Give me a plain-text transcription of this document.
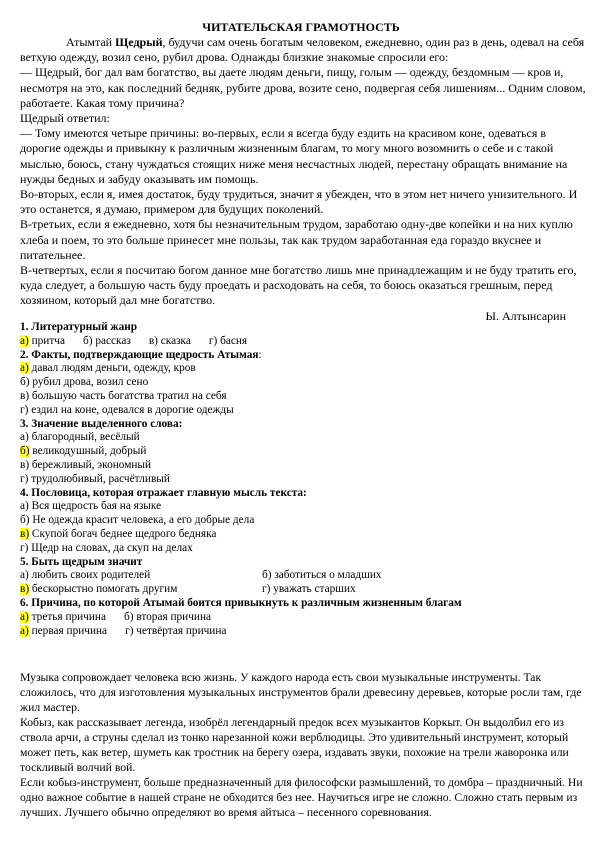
ЧИТАТЕЛЬСКАЯ ГРАМОТНОСТЬ

Атымтай Щедрый, будучи сам очень богатым человеком, ежедневно, один раз в день, одевал на себя ветхую одежду, возил сено, рубил дрова. Однажды близкие знакомые спросили его:

— Щедрый, бог дал вам богатство, вы даете людям деньги, пищу, голым — одежду, бездомным — кров и, несмотря на это, как последний бедняк, рубите дрова, возите сено, подвергая себя лишениям... Одним словом, работаете. Какая тому причина?

Щедрый ответил:

— Тому имеются четыре причины: во-первых, если я всегда буду ездить на красивом коне, одеваться в дорогие одежды и привыкну к различным жизненным благам, то могу много возомнить о себе и с такой мыслью, боюсь, стану чуждаться стоящих ниже меня несчастных людей, перестану обращать внимание на нужды бедных и забуду оказывать им помощь.

Во-вторых, если я, имея достаток, буду трудиться, значит я убежден, что в этом нет ничего унизительного. И это останется, я думаю, примером для будущих поколений.

В-третьих, если я ежедневно, хотя бы незначительным трудом, заработаю одну-две копейки и на них куплю хлеба и поем, то это больше принесет мне пользы, так как трудом заработанная еда гораздо вкуснее и питательнее.

В-четвертых, если я посчитаю богом данное мне богатство лишь мне принадлежащим и не буду тратить его, куда следует, а большую часть буду проедать и расходовать на себя, то боюсь оказаться грешным, перед хозяином, который дал мне богатство.

Ы. Алтынсарин

1. Литературный жанр

а) притча б) рассказ в) сказка г) басня

2. Факты, подтверждающие щедрость Атымая:

а) давал людям деньги, одежду, кров

б) рубил дрова, возил сено

в) большую часть богатства тратил на себя

г) ездил на коне, одевался в дорогие одежды

3. Значение выделенного слова:

а) благородный, весёлый

б) великодушный, добрый

в) бережливый, экономный

г) трудолюбивый, расчётливый

4. Пословица, которая отражает главную мысль текста:

а) Вся щедрость бая на языке

б) Не одежда красит человека, а его добрые дела

в) Скупой богач беднее щедрого бедняка

г) Щедр на словах, да скуп на делах

5. Быть щедрым значит

а) любить своих родителей	б) заботиться о младших

в) бескорыстно помогать другим	г) уважать старших

6. Причина, по которой Атымай боится привыкнуть к различным жизненным благам

а) третья причина б) вторая причина

а) первая причина г) четвёртая причина

Музыка сопровождает человека всю жизнь. У каждого народа есть свои музыкальные инструменты. Так сложилось, что для изготовления музыкальных инструментов брали древесину деревьев, которые росли там, где жил мастер.

Кобыз, как рассказывает легенда, изобрёл легендарный предок всех музыкантов Коркыт. Он выдолбил его из ствола арчи, а струны сделал из тонко нарезанной кожи верблюдицы. Это удивительный инструмент, который может петь, как ветер, шуметь как тростник на берегу озера, издавать звуки, похожие на трели жаворонка или тоскливый волчий вой.

Если кобыз-инструмент, больше предназначенный для философски размышлений, то домбра – праздничный. Ни одно важное событие в нашей стране не обходится без нее. Научиться игре не сложно. Сложно стать первым из лучших. Лучшего обычно определяют во время айтыса – песенного соревнования.
